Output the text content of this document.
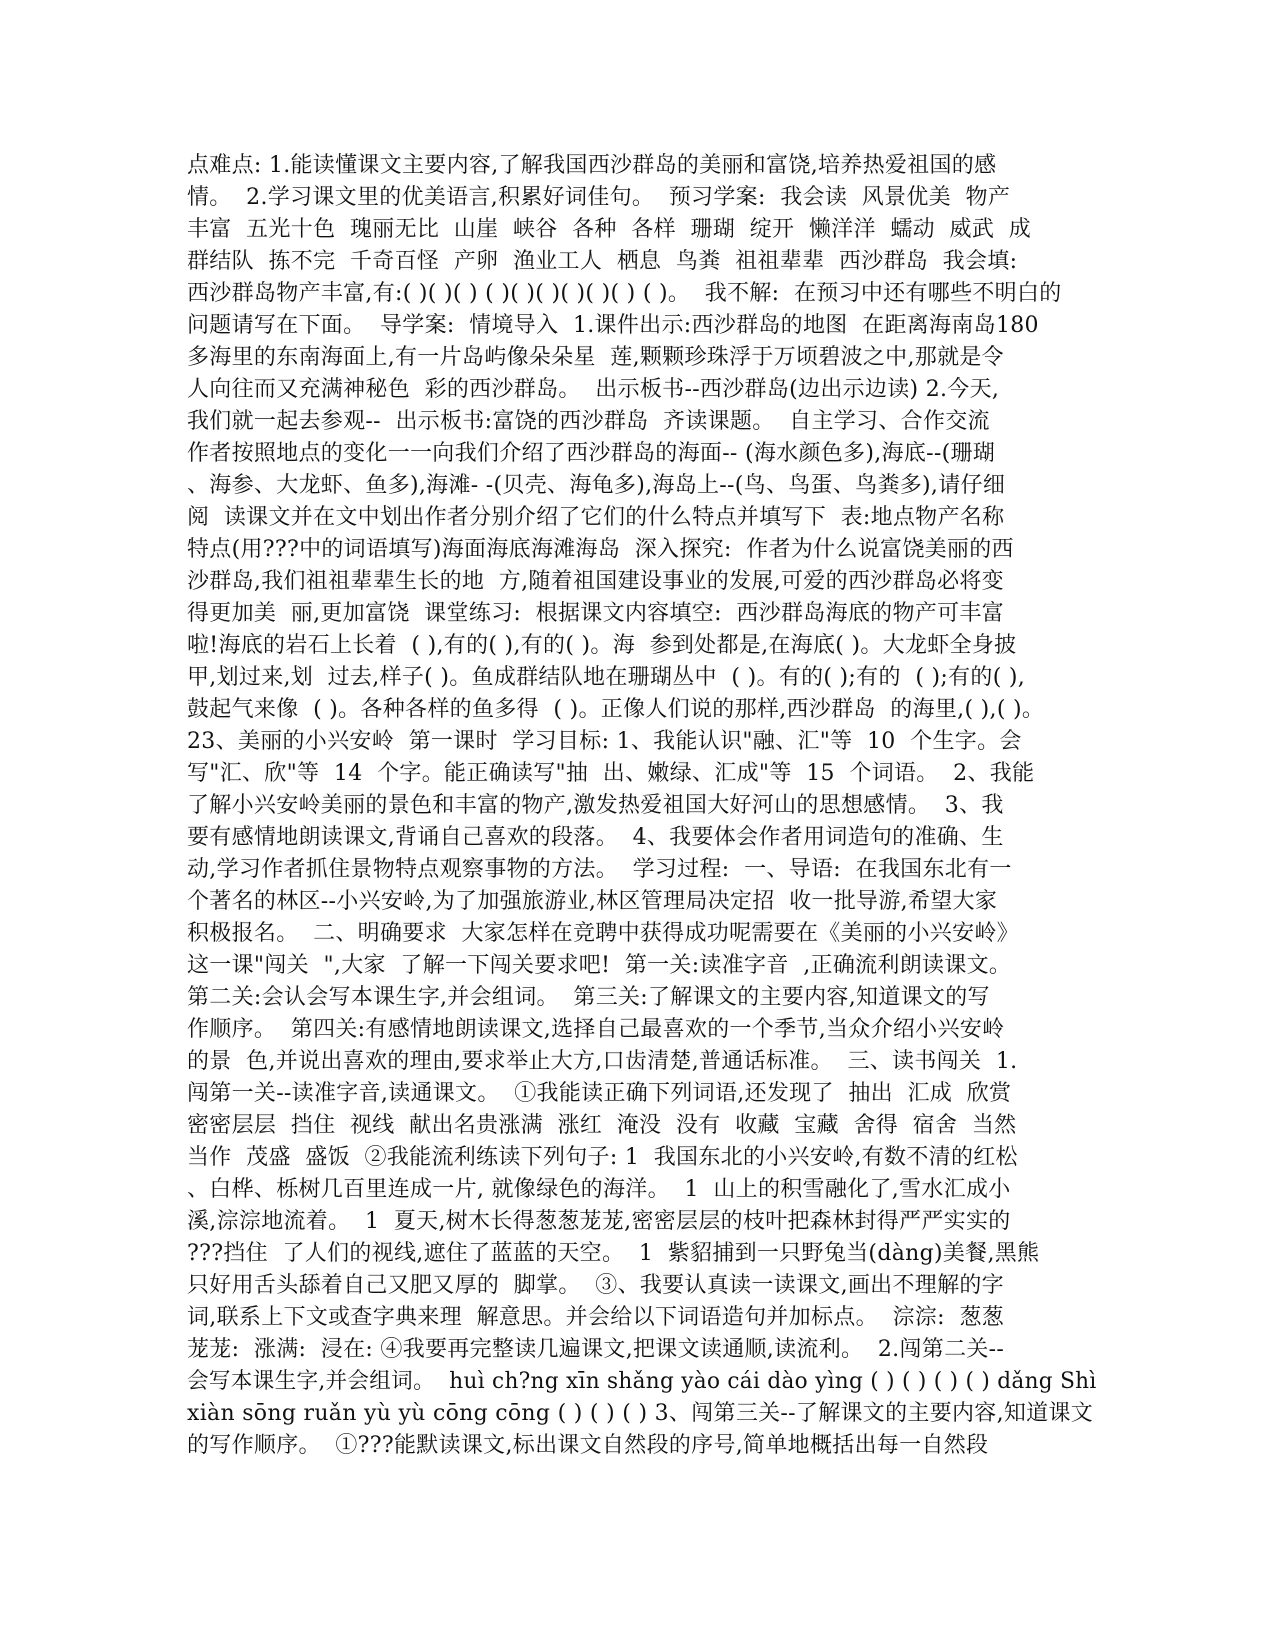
点难点: 1.能读懂课文主要内容,了解我国西沙群岛的美丽和富饶,培养热爱祖国的感
情。  2.学习课文里的优美语言,积累好词佳句。  预习学案:  我会读  风景优美  物产
丰富  五光十色  瑰丽无比  山崖  峡谷  各种  各样  珊瑚  绽开  懒洋洋  蠕动  威武  成
群结队  拣不完  千奇百怪  产卵  渔业工人  栖息  鸟粪  祖祖辈辈  西沙群岛  我会填:
西沙群岛物产丰富,有:( )( )( ) ( )( )( )( )( )( ) ( )。  我不解:  在预习中还有哪些不明白的
问题请写在下面。  导学案:  情境导入  1.课件出示:西沙群岛的地图  在距离海南岛180
多海里的东南海面上,有一片岛屿像朵朵星  莲,颗颗珍珠浮于万顷碧波之中,那就是令
人向往而又充满神秘色  彩的西沙群岛。  出示板书--西沙群岛(边出示边读) 2.今天,
我们就一起去参观--  出示板书:富饶的西沙群岛  齐读课题。  自主学习、合作交流
作者按照地点的变化一一向我们介绍了西沙群岛的海面-- (海水颜色多),海底--(珊瑚
、海参、大龙虾、鱼多),海滩- -(贝壳、海龟多),海岛上--(鸟、鸟蛋、鸟粪多),请仔细
阅  读课文并在文中划出作者分别介绍了它们的什么特点并填写下  表:地点物产名称
特点(用???中的词语填写)海面海底海滩海岛  深入探究:  作者为什么说富饶美丽的西
沙群岛,我们祖祖辈辈生长的地  方,随着祖国建设事业的发展,可爱的西沙群岛必将变
得更加美  丽,更加富饶  课堂练习:  根据课文内容填空:  西沙群岛海底的物产可丰富
啦!海底的岩石上长着  ( ),有的( ),有的( )。海  参到处都是,在海底( )。大龙虾全身披
甲,划过来,划  过去,样子( )。鱼成群结队地在珊瑚丛中  ( )。有的( );有的  ( );有的( ),
鼓起气来像  ( )。各种各样的鱼多得  ( )。正像人们说的那样,西沙群岛  的海里,( ),( )。
23、美丽的小兴安岭  第一课时  学习目标: 1、我能认识"融、汇"等  10  个生字。会
写"汇、欣"等  14  个字。能正确读写"抽  出、嫩绿、汇成"等  15  个词语。  2、我能
了解小兴安岭美丽的景色和丰富的物产,激发热爱祖国大好河山的思想感情。  3、我
要有感情地朗读课文,背诵自己喜欢的段落。  4、我要体会作者用词造句的准确、生
动,学习作者抓住景物特点观察事物的方法。  学习过程:  一、导语:  在我国东北有一
个著名的林区--小兴安岭,为了加强旅游业,林区管理局决定招  收一批导游,希望大家
积极报名。  二、明确要求  大家怎样在竞聘中获得成功呢需要在《美丽的小兴安岭》
这一课"闯关  ",大家  了解一下闯关要求吧!  第一关:读准字音  ,正确流利朗读课文。
第二关:会认会写本课生字,并会组词。  第三关:了解课文的主要内容,知道课文的写
作顺序。  第四关:有感情地朗读课文,选择自己最喜欢的一个季节,当众介绍小兴安岭
的景  色,并说出喜欢的理由,要求举止大方,口齿清楚,普通话标准。  三、读书闯关  1.
闯第一关--读准字音,读通课文。  ①我能读正确下列词语,还发现了  抽出  汇成  欣赏
密密层层  挡住  视线  献出名贵涨满  涨红  淹没  没有  收藏  宝藏  舍得  宿舍  当然
当作  茂盛  盛饭  ②我能流利练读下列句子: 1  我国东北的小兴安岭,有数不清的红松
、白桦、栎树几百里连成一片, 就像绿色的海洋。  1  山上的积雪融化了,雪水汇成小
溪,淙淙地流着。  1  夏天,树木长得葱葱茏茏,密密层层的枝叶把森林封得严严实实的
???挡住  了人们的视线,遮住了蓝蓝的天空。  1  紫貂捕到一只野兔当(dàng)美餐,黑熊
只好用舌头舔着自己又肥又厚的  脚掌。  ③、我要认真读一读课文,画出不理解的字
词,联系上下文或查字典来理  解意思。并会给以下词语造句并加标点。  淙淙:  葱葱
茏茏:  涨满:  浸在: ④我要再完整读几遍课文,把课文读通顺,读流利。  2.闯第二关--
会写本课生字,并会组词。  huì ch?ng xīn shǎng yào cái dào yìng ( ) ( ) ( ) ( ) dǎng Shì
xiàn sōng ruǎn yù yù cōng cōng ( ) ( ) ( ) 3、闯第三关--了解课文的主要内容,知道课文
的写作顺序。  ①???能默读课文,标出课文自然段的序号,简单地概括出每一自然段
